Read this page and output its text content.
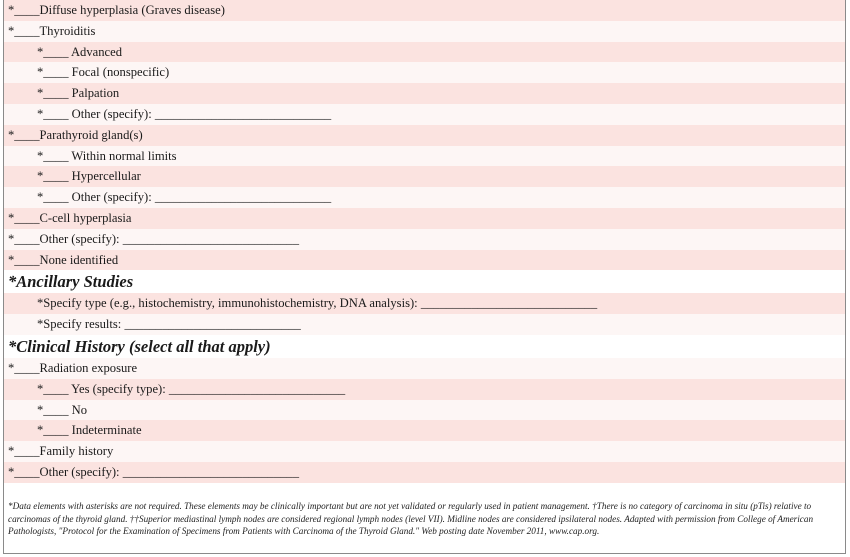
*____Diffuse hyperplasia (Graves disease)
*____Thyroiditis
*____ Advanced
*____ Focal (nonspecific)
*____ Palpation
*____ Other (specify): ____________________________
*____Parathyroid gland(s)
*____ Within normal limits
*____ Hypercellular
*____ Other (specify): ____________________________
*____C-cell hyperplasia
*____Other (specify): ____________________________
*____None identified
*Ancillary Studies
*Specify type (e.g., histochemistry, immunohistochemistry, DNA analysis): ____________________________
*Specify results: ____________________________
*Clinical History (select all that apply)
*____Radiation exposure
*____ Yes (specify type): ____________________________
*____ No
*____ Indeterminate
*____Family history
*____Other (specify): ____________________________
*Data elements with asterisks are not required. These elements may be clinically important but are not yet validated or regularly used in patient management. †There is no category of carcinoma in situ (pTis) relative to carcinomas of the thyroid gland. ††Superior mediastinal lymph nodes are considered regional lymph nodes (level VII). Midline nodes are considered ipsilateral nodes. Adapted with permission from College of American Pathologists, "Protocol for the Examination of Specimens from Patients with Carcinoma of the Thyroid Gland." Web posting date November 2011, www.cap.org.
